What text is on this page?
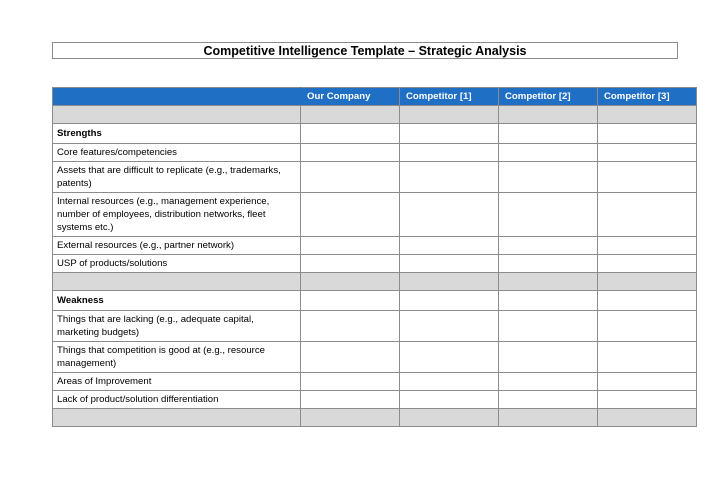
Competitive Intelligence Template – Strategic Analysis
	Our Company	Competitor [1]	Competitor [2]	Competitor [3]

Strengths				
Core features/competencies				
Assets that are difficult to replicate (e.g., trademarks, patents)				
Internal resources (e.g., management experience, number of employees, distribution networks, fleet systems etc.)				
External resources (e.g., partner network)				
USP of products/solutions				

Weakness				
Things that are lacking (e.g., adequate capital, marketing budgets)				
Things that competition is good at (e.g., resource management)				
Areas of Improvement				
Lack of product/solution differentiation				
